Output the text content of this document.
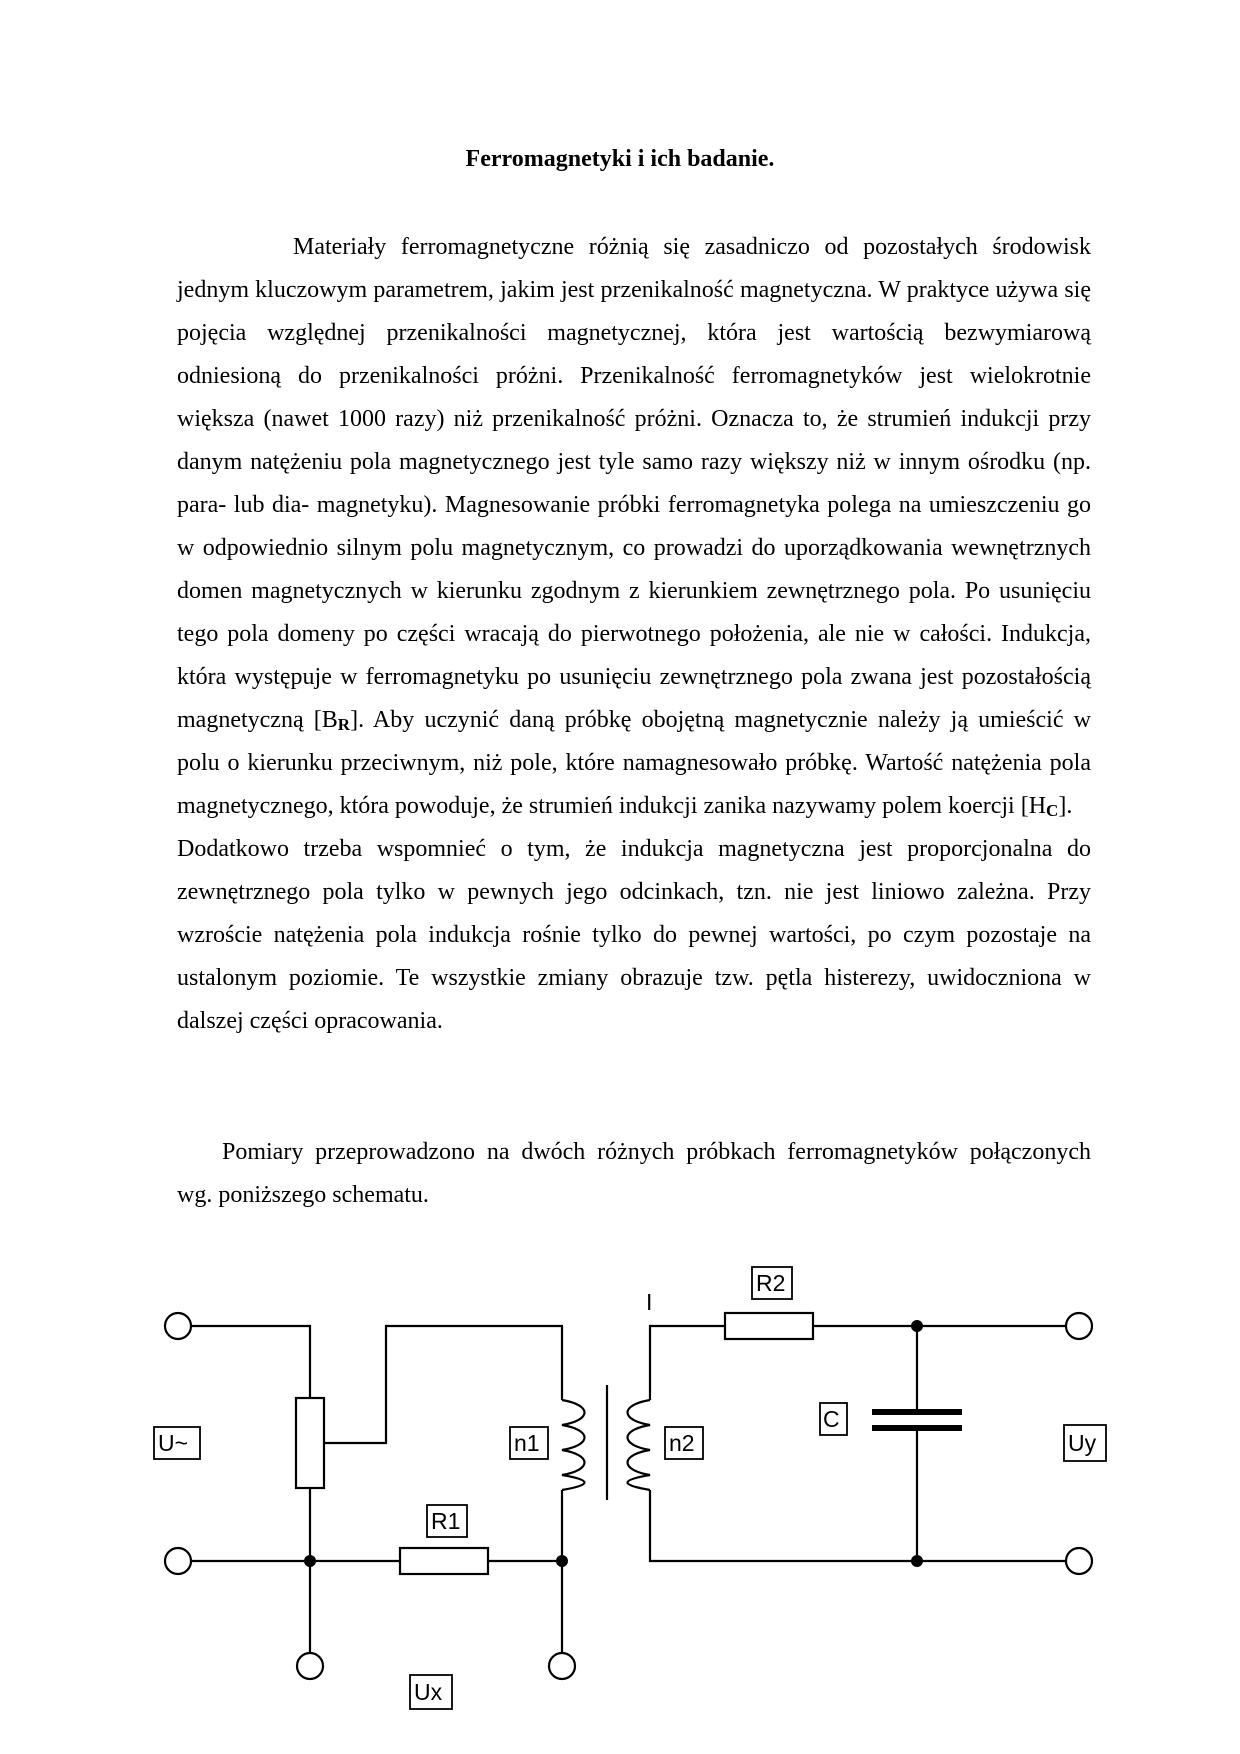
Ferromagnetyki i ich badanie.

Materiały ferromagnetyczne różnią się zasadniczo od pozostałych środowisk jednym kluczowym parametrem, jakim jest przenikalność magnetyczna. W praktyce używa się pojęcia względnej przenikalności magnetycznej, która jest wartością bezwymiarową odniesioną do przenikalności próżni. Przenikalność ferromagnetyków jest wielokrotnie większa (nawet 1000 razy) niż przenikalność próżni. Oznacza to, że strumień indukcji przy danym natężeniu pola magnetycznego jest tyle samo razy większy niż w innym ośrodku (np. para- lub dia- magnetyku). Magnesowanie próbki ferromagnetyka polega na umieszczeniu go w odpowiednio silnym polu magnetycznym, co prowadzi do uporządkowania wewnętrznych domen magnetycznych w kierunku zgodnym z kierunkiem zewnętrznego pola. Po usunięciu tego pola domeny po części wracają do pierwotnego położenia, ale nie w całości. Indukcja, która występuje w ferromagnetyku po usunięciu zewnętrznego pola zwana jest pozostałością magnetyczną $[B_R]$. Aby uczynić daną próbkę obojętną magnetycznie należy ją umieścić w polu o kierunku przeciwnym, niż pole, które namagnesowało próbkę. Wartość natężenia pola magnetycznego, która powoduje, że strumień indukcji zanika nazywamy polem koercji $[H_C]$.

Dodatkowo trzeba wspomnieć o tym, że indukcja magnetyczna jest proporcjonalna do zewnętrznego pola tylko w pewnych jego odcinkach, tzn. nie jest liniowo zależna. Przy wzroście natężenia pola indukcja rośnie tylko do pewnej wartości, po czym pozostaje na ustalonym poziomie. Te wszystkie zmiany obrazuje tzw. pętla histerezy, uwidoczniona w dalszej części opracowania.

Pomiary przeprowadzono na dwóch różnych próbkach ferromagnetyków połączonych wg. poniższego schematu.

U~
R1
R2
n1	n2
C
Uy
Ux
I
